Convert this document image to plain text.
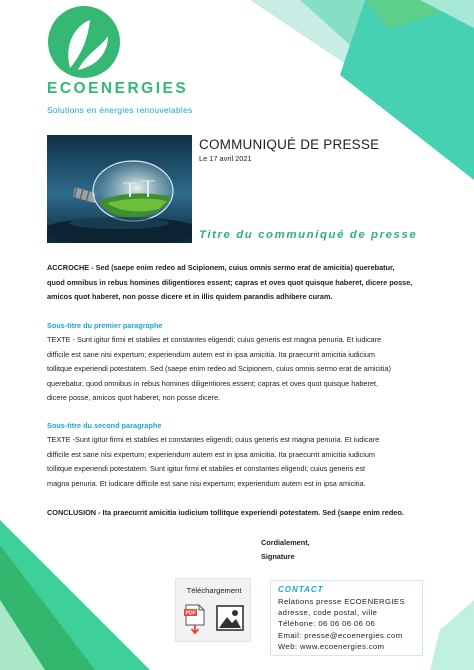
ECOENERGIES
Solutions en énergies renouvelables
COMMUNIQUÉ DE PRESSE
Le 17 avril 2021
Titre du communiqué de presse
ACCROCHE - Sed (saepe enim redeo ad Scipionem, cuius omnis sermo erat de amicitia) querebatur,
quod omnibus in rebus homines diligentiores essent; capras et oves quot quisque haberet, dicere posse,
amicos quot haberet, non posse dicere et in illis quidem parandis adhibere curam.
Sous-titre du premier paragraphe
TEXTE - Sunt igitur firmi et stabiles et constantes eligendi; cuius generis est magna penuria. Et iudicare
difficile est sane nisi expertum; experiendum autem est in ipsa amicitia. Ita praecurrit amicitia iudicium
tollitque experiendi potestatem. Sed (saepe enim redeo ad Scipionem, cuius omnis sermo erat de amicitia)
querebatur, quod omnibus in rebus homines diligentiores essent; capras et oves quot quisque haberet,
dicere posse, amicos quot haberet, non posse dicere.
Sous-titre du second paragraphe
TEXTE -Sunt igitur firmi et stabiles et constantes eligendi; cuius generis est magna penuria. Et iudicare
difficile est sane nisi expertum; experiendum autem est in ipsa amicitia. Ita praecurrit amicitia iudicium
tollitque experiendi potestatem. Sunt igitur firmi et stabiles et constantes eligendi; cuius generis est
magna penuria. Et iudicare difficile est sane nisi expertum; experiendum autem est in ipsa amicitia.
CONCLUSION - Ita praecurrit amicitia iudicium tollitque experiendi potestatem. Sed (saepe enim redeo.
Cordialement,
Signature
Téléchargement
PDF
CONTACT
Relations presse ECOENERGIES
adresse, code postal, ville
Téléhone: 06 06 06 06 06
Email: presse@ecoenergies.com
Web: www.ecoenergies.com
